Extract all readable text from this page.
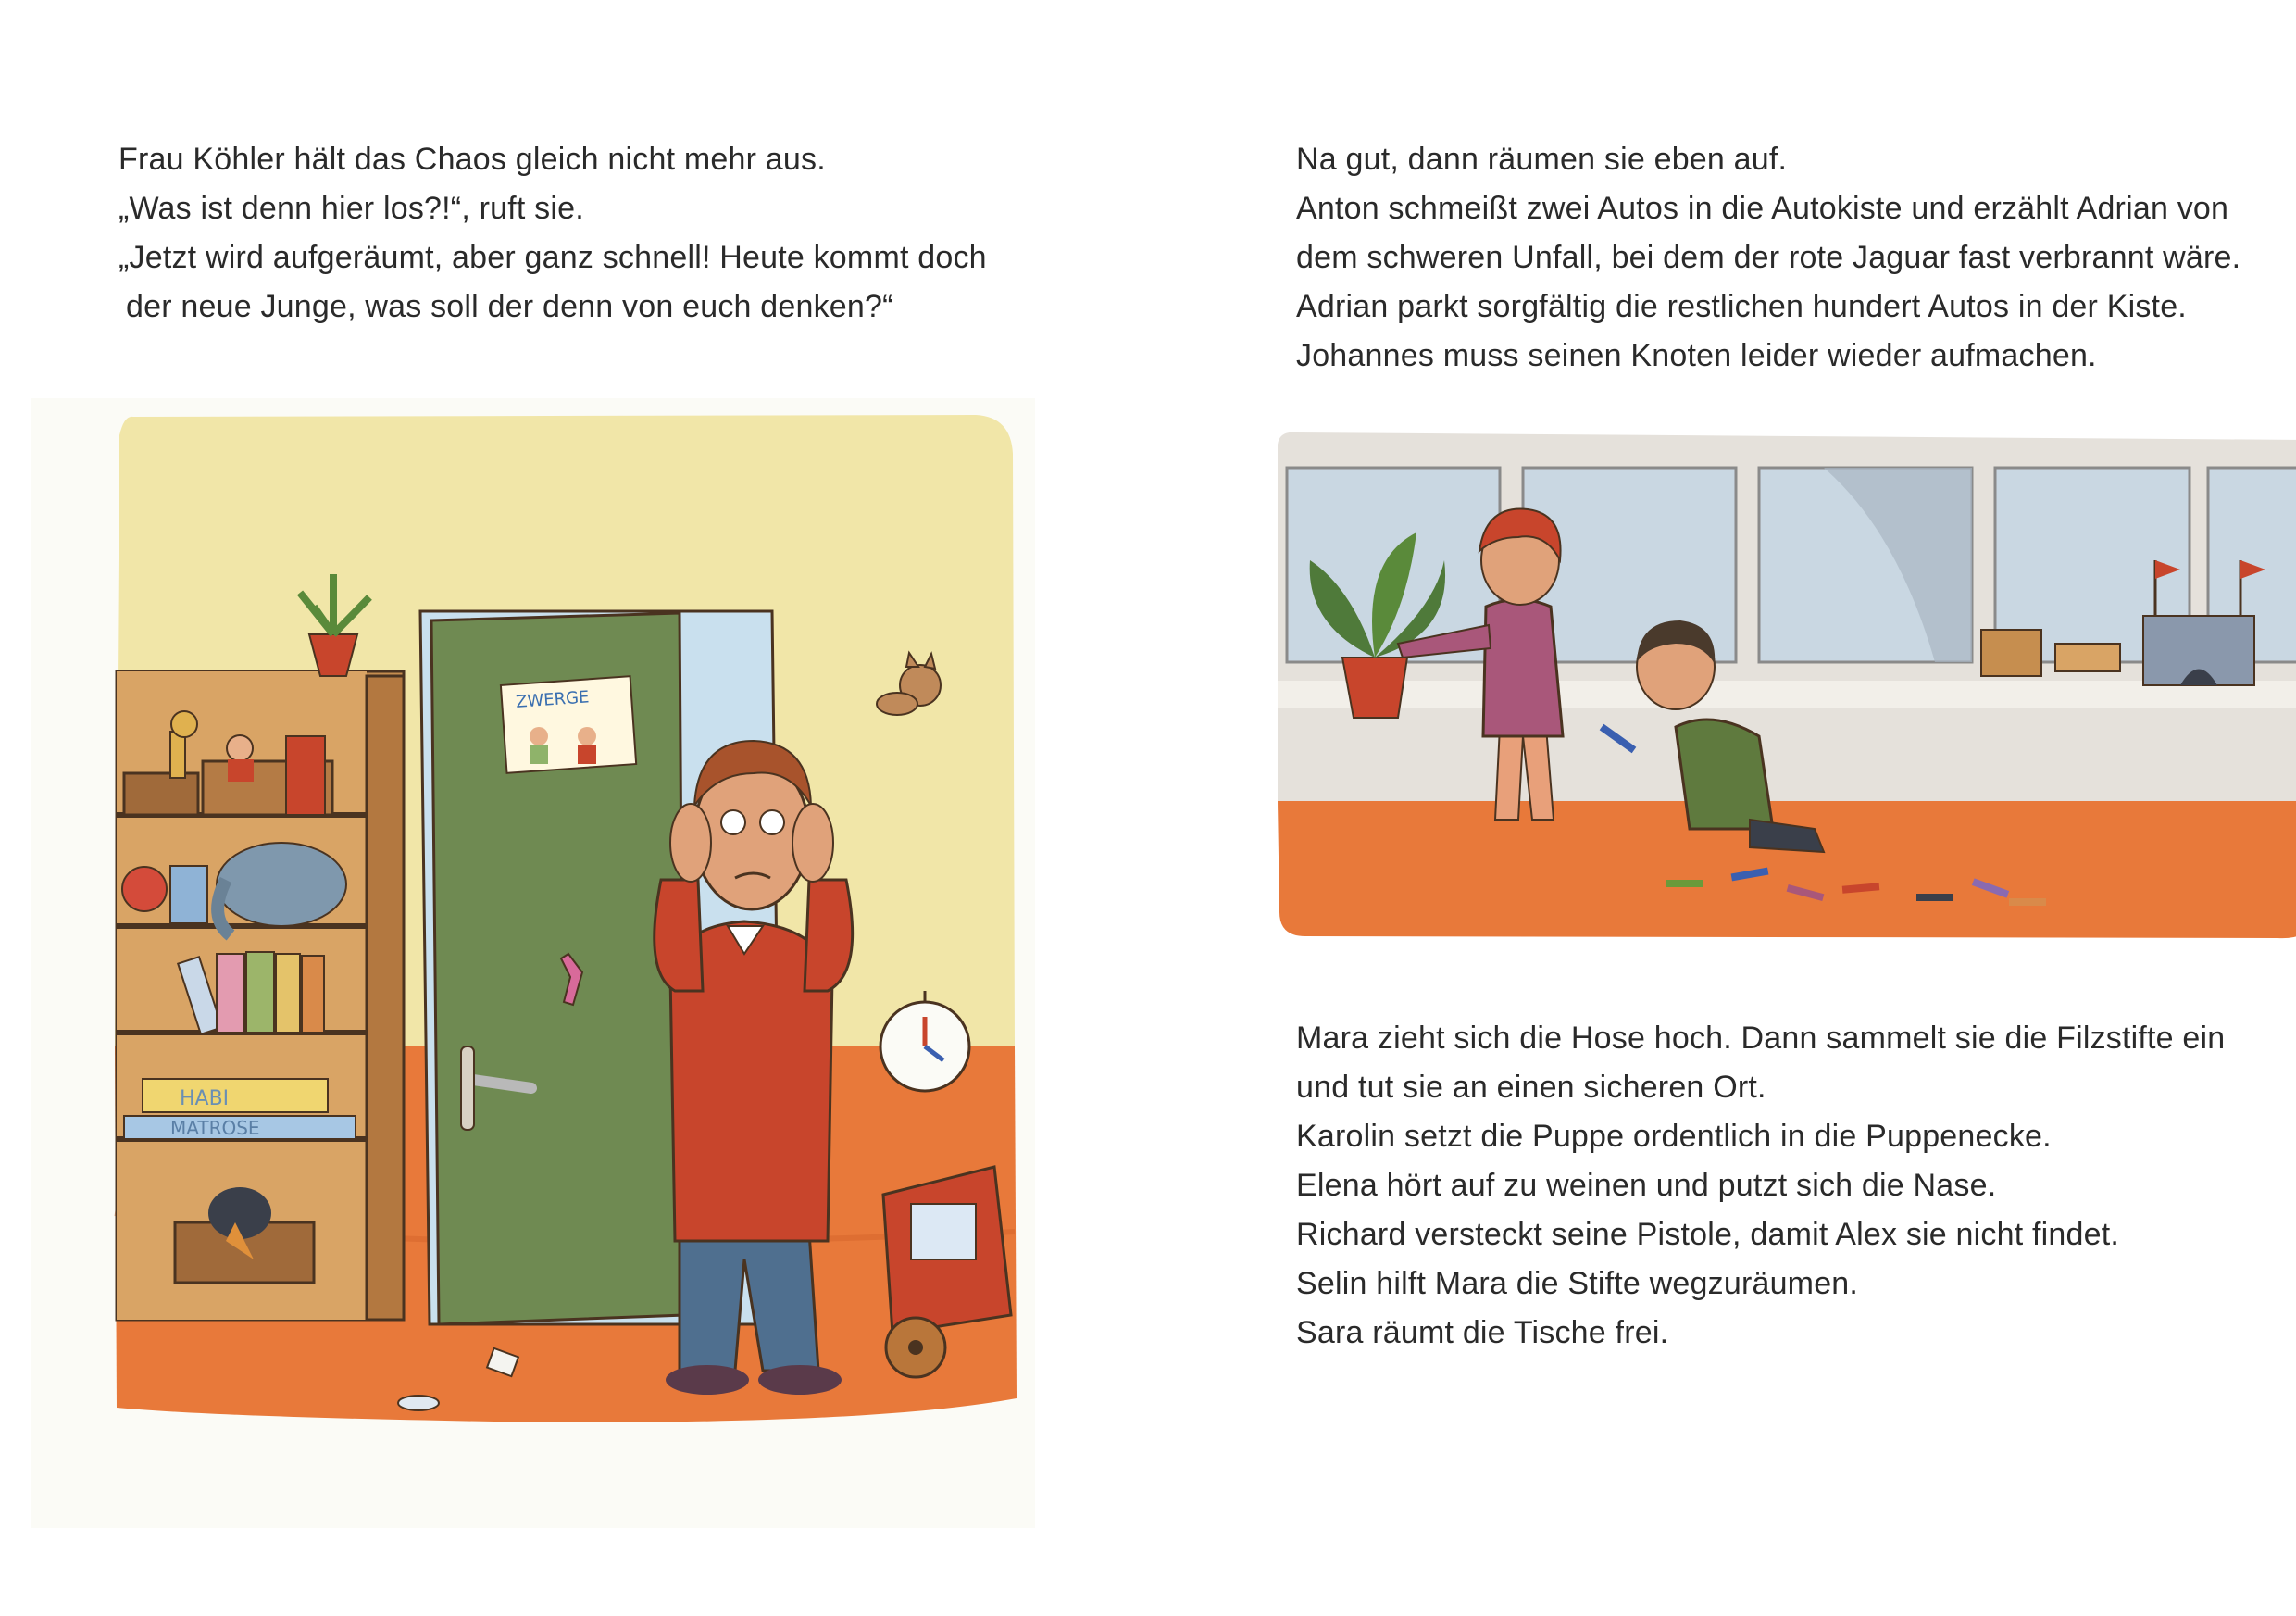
Frau Köhler hält das Chaos gleich nicht mehr aus.
„Was ist denn hier los?!“, ruft sie.
„Jetzt wird aufgeräumt, aber ganz schnell! Heute kommt doch
der neue Junge, was soll der denn von euch denken?“
HABI
MATROSE
ZWERGE
Na gut, dann räumen sie eben auf.
Anton schmeißt zwei Autos in die Autokiste und erzählt Adrian von
dem schweren Unfall, bei dem der rote Jaguar fast verbrannt wäre.
Adrian parkt sorgfältig die restlichen hundert Autos in der Kiste.
Johannes muss seinen Knoten leider wieder aufmachen.
Mara zieht sich die Hose hoch. Dann sammelt sie die Filzstifte ein
und tut sie an einen sicheren Ort.
Karolin setzt die Puppe ordentlich in die Puppenecke.
Elena hört auf zu weinen und putzt sich die Nase.
Richard versteckt seine Pistole, damit Alex sie nicht findet.
Selin hilft Mara die Stifte wegzuräumen.
Sara räumt die Tische frei.
